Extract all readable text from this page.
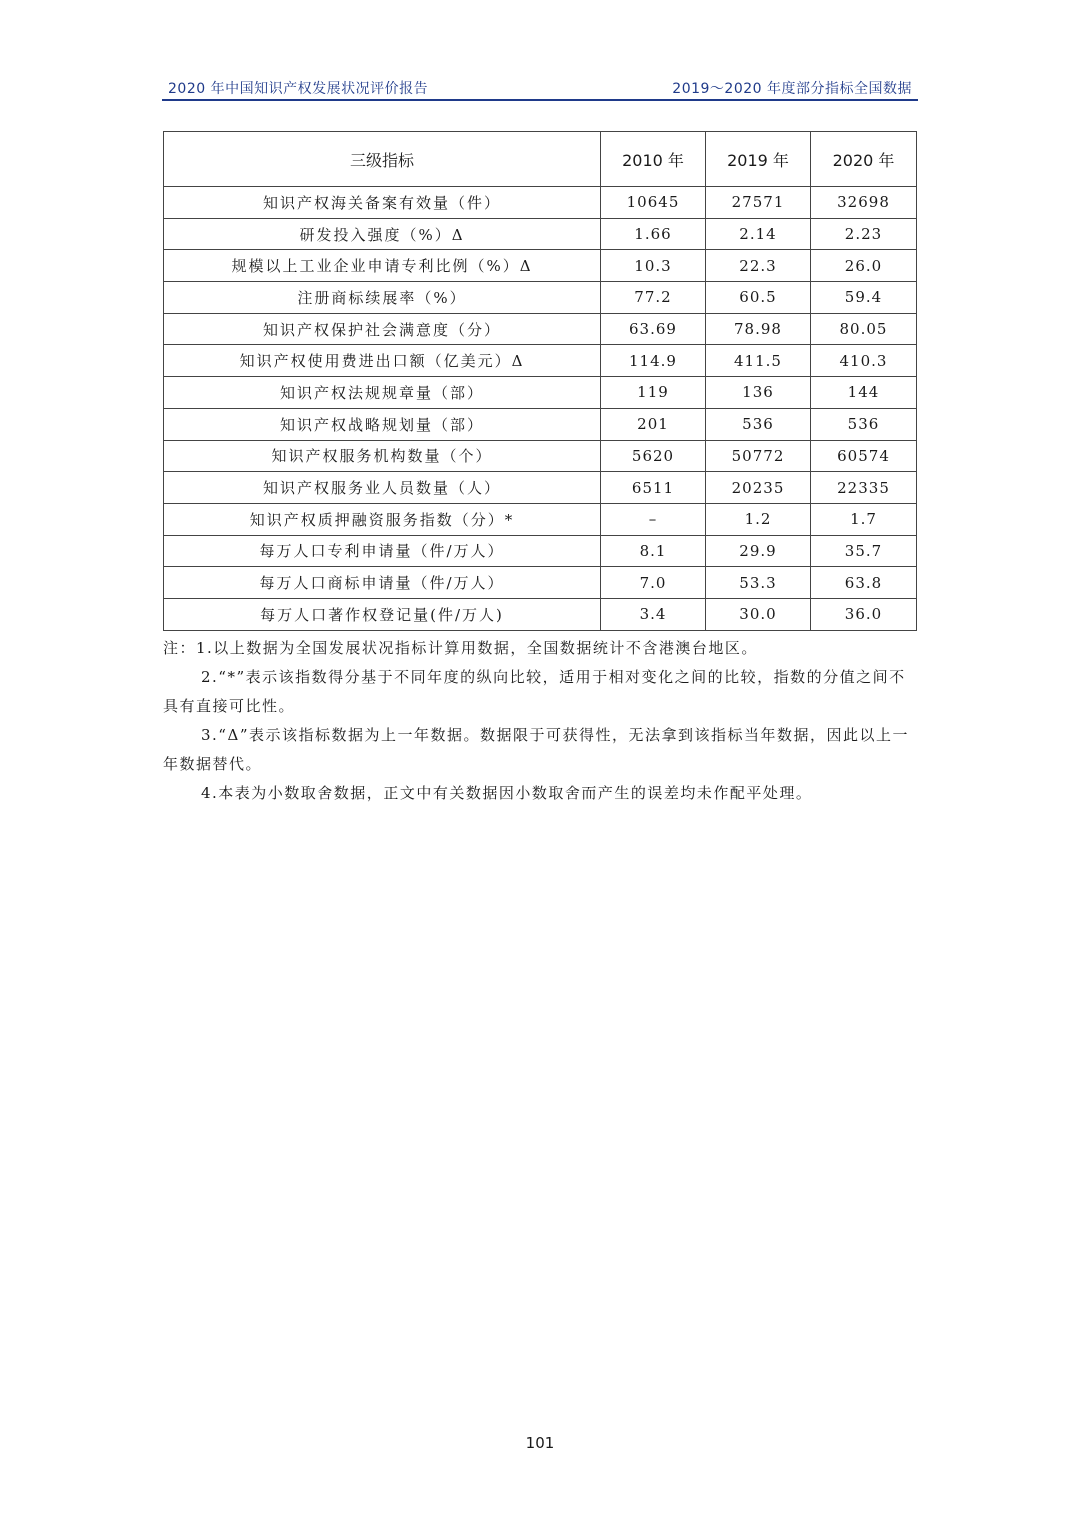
2020 年中国知识产权发展状况评价报告	2019～2020 年度部分指标全国数据
三级指标	2010 年	2019 年	2020 年
知识产权海关备案有效量（件）	10645	27571	32698
研发投入强度（%）Δ	1.66	2.14	2.23
规模以上工业企业申请专利比例（%）Δ	10.3	22.3	26.0
注册商标续展率（%）	77.2	60.5	59.4
知识产权保护社会满意度（分）	63.69	78.98	80.05
知识产权使用费进出口额（亿美元）Δ	114.9	411.5	410.3
知识产权法规规章量（部）	119	136	144
知识产权战略规划量（部）	201	536	536
知识产权服务机构数量（个）	5620	50772	60574
知识产权服务业人员数量（人）	6511	20235	22335
知识产权质押融资服务指数（分）*	–	1.2	1.7
每万人口专利申请量（件/万人）	8.1	29.9	35.7
每万人口商标申请量（件/万人）	7.0	53.3	63.8
每万人口著作权登记量(件/万人)	3.4	30.0	36.0

注：1.以上数据为全国发展状况指标计算用数据，全国数据统计不含港澳台地区。

2.“*”表示该指数得分基于不同年度的纵向比较，适用于相对变化之间的比较，指数的分值之间不具有直接可比性。

3.“Δ”表示该指标数据为上一年数据。数据限于可获得性，无法拿到该指标当年数据，因此以上一年数据替代。

4.本表为小数取舍数据，正文中有关数据因小数取舍而产生的误差均未作配平处理。

101
